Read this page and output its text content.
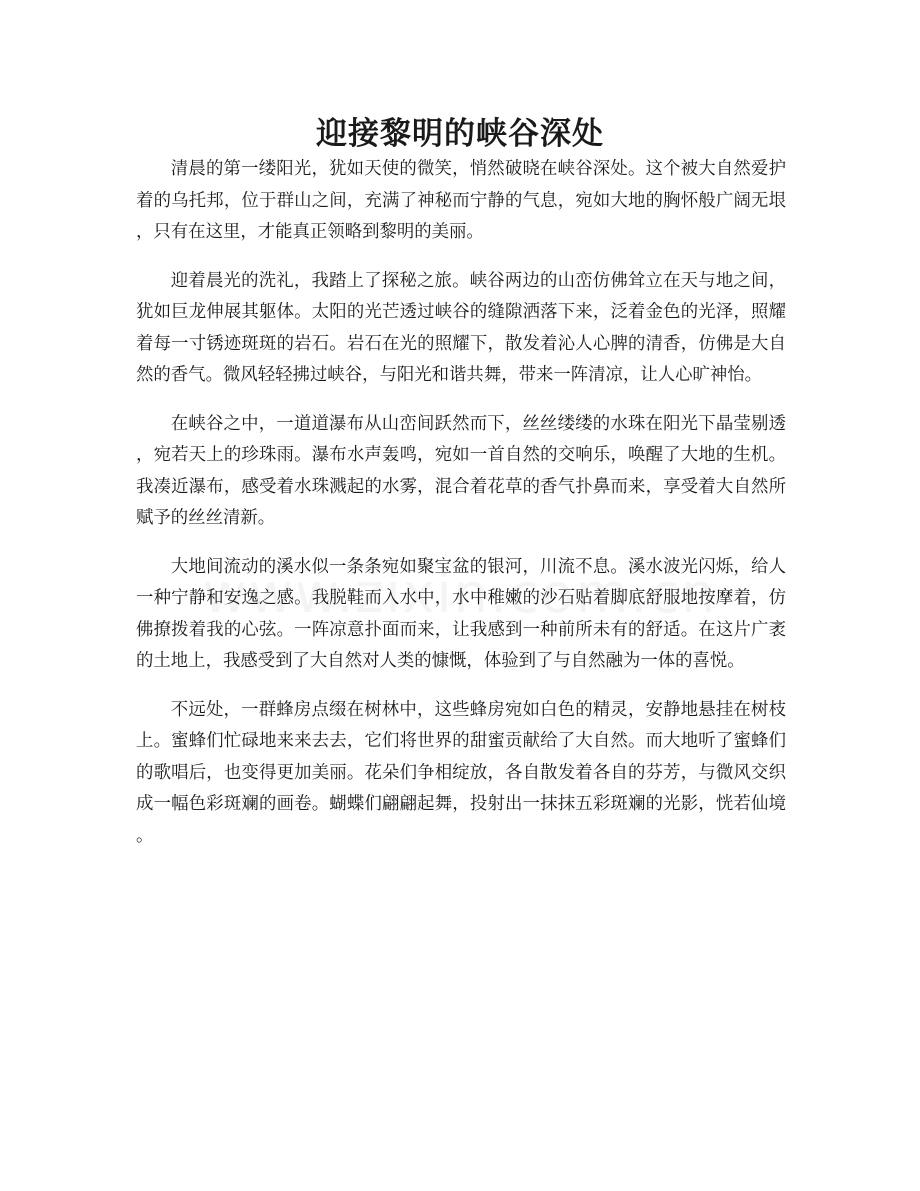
迎接黎明的峡谷深处

清晨的第一缕阳光，犹如天使的微笑，悄然破晓在峡谷深处。这个被大自然爱护着的乌托邦，位于群山之间，充满了神秘而宁静的气息，宛如大地的胸怀般广阔无垠，只有在这里，才能真正领略到黎明的美丽。

迎着晨光的洗礼，我踏上了探秘之旅。峡谷两边的山峦仿佛耸立在天与地之间，犹如巨龙伸展其躯体。太阳的光芒透过峡谷的缝隙洒落下来，泛着金色的光泽，照耀着每一寸锈迹斑斑的岩石。岩石在光的照耀下，散发着沁人心脾的清香，仿佛是大自然的香气。微风轻轻拂过峡谷，与阳光和谐共舞，带来一阵清凉，让人心旷神怡。

在峡谷之中，一道道瀑布从山峦间跃然而下，丝丝缕缕的水珠在阳光下晶莹剔透，宛若天上的珍珠雨。瀑布水声轰鸣，宛如一首自然的交响乐，唤醒了大地的生机。我凑近瀑布，感受着水珠溅起的水雾，混合着花草的香气扑鼻而来，享受着大自然所赋予的丝丝清新。

大地间流动的溪水似一条条宛如聚宝盆的银河，川流不息。溪水波光闪烁，给人一种宁静和安逸之感。我脱鞋而入水中，水中稚嫩的沙石贴着脚底舒服地按摩着，仿佛撩拨着我的心弦。一阵凉意扑面而来，让我感到一种前所未有的舒适。在这片广袤的土地上，我感受到了大自然对人类的慷慨，体验到了与自然融为一体的喜悦。

不远处，一群蜂房点缀在树林中，这些蜂房宛如白色的精灵，安静地悬挂在树枝上。蜜蜂们忙碌地来来去去，它们将世界的甜蜜贡献给了大自然。而大地听了蜜蜂们的歌唱后，也变得更加美丽。花朵们争相绽放，各自散发着各自的芬芳，与微风交织成一幅色彩斑斓的画卷。蝴蝶们翩翩起舞，投射出一抹抹五彩斑斓的光影，恍若仙境。
